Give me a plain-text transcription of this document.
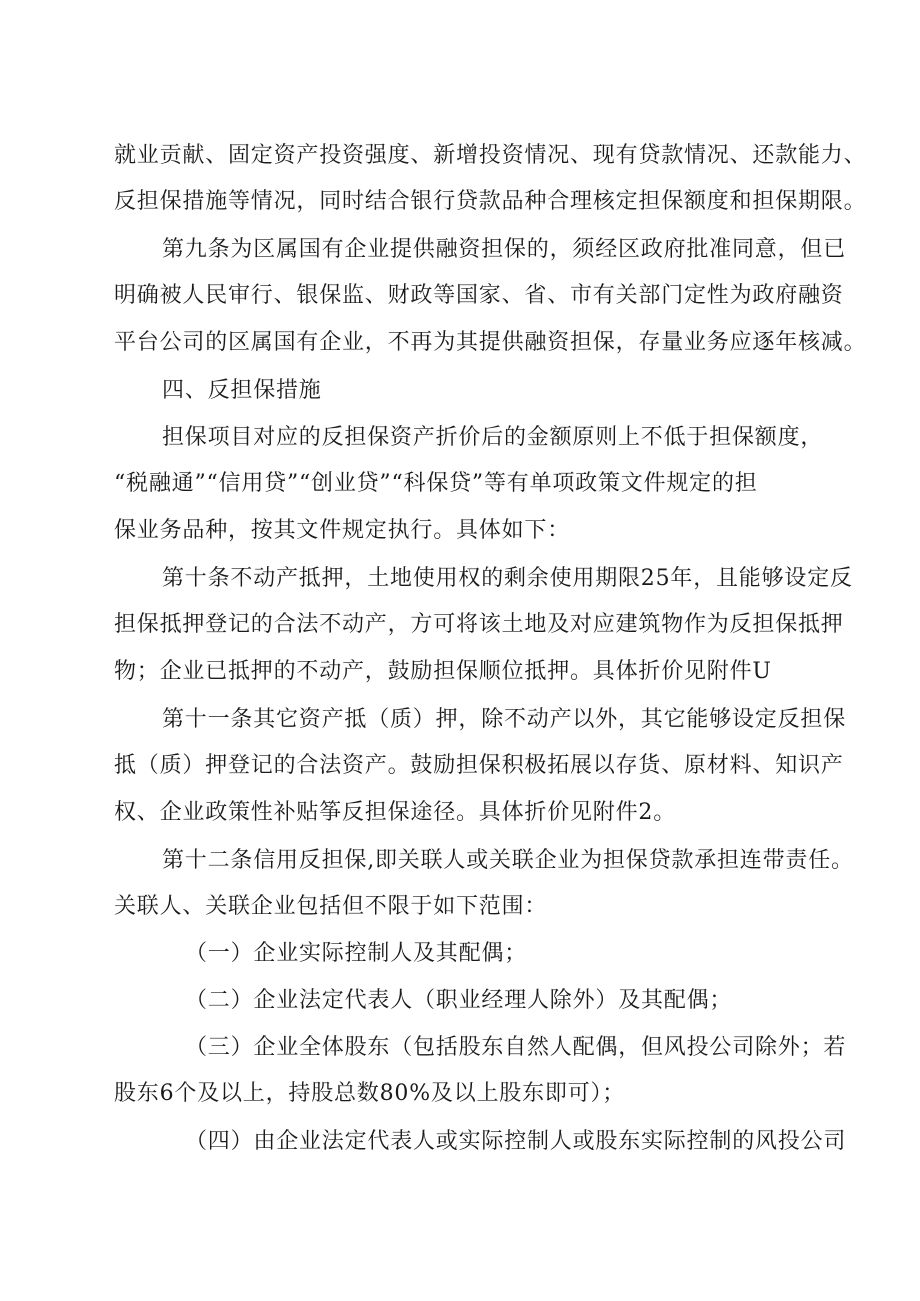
就业贡献、固定资产投资强度、新增投资情况、现有贷款情况、还款能力、
反担保措施等情况，同时结合银行贷款品种合理核定担保额度和担保期限。
第九条为区属国有企业提供融资担保的，须经区政府批准同意，但已
明确被人民审行、银保监、财政等国家、省、市有关部门定性为政府融资
平台公司的区属国有企业，不再为其提供融资担保，存量业务应逐年核减。
四、反担保措施
担保项目对应的反担保资产折价后的金额原则上不低于担保额度，
“税融通”“信用贷”“创业贷”“科保贷”等有单项政策文件规定的担
保业务品种，按其文件规定执行。具体如下：
第十条不动产抵押，土地使用权的剩余使用期限25年，且能够设定反
担保抵押登记的合法不动产，方可将该土地及对应建筑物作为反担保抵押
物；企业已抵押的不动产，鼓励担保顺位抵押。具体折价见附件U
第十一条其它资产抵（质）押，除不动产以外，其它能够设定反担保
抵（质）押登记的合法资产。鼓励担保积极拓展以存货、原材料、知识产
权、企业政策性补贴筝反担保途径。具体折价见附件2。
第十二条信用反担保,即关联人或关联企业为担保贷款承担连带责任。
关联人、关联企业包括但不限于如下范围：
（一）企业实际控制人及其配偶；
（二）企业法定代表人（职业经理人除外）及其配偶；
（三）企业全体股东（包括股东自然人配偶，但风投公司除外；若
股东6个及以上，持股总数80%及以上股东即可）；
（四）由企业法定代表人或实际控制人或股东实际控制的风投公司
